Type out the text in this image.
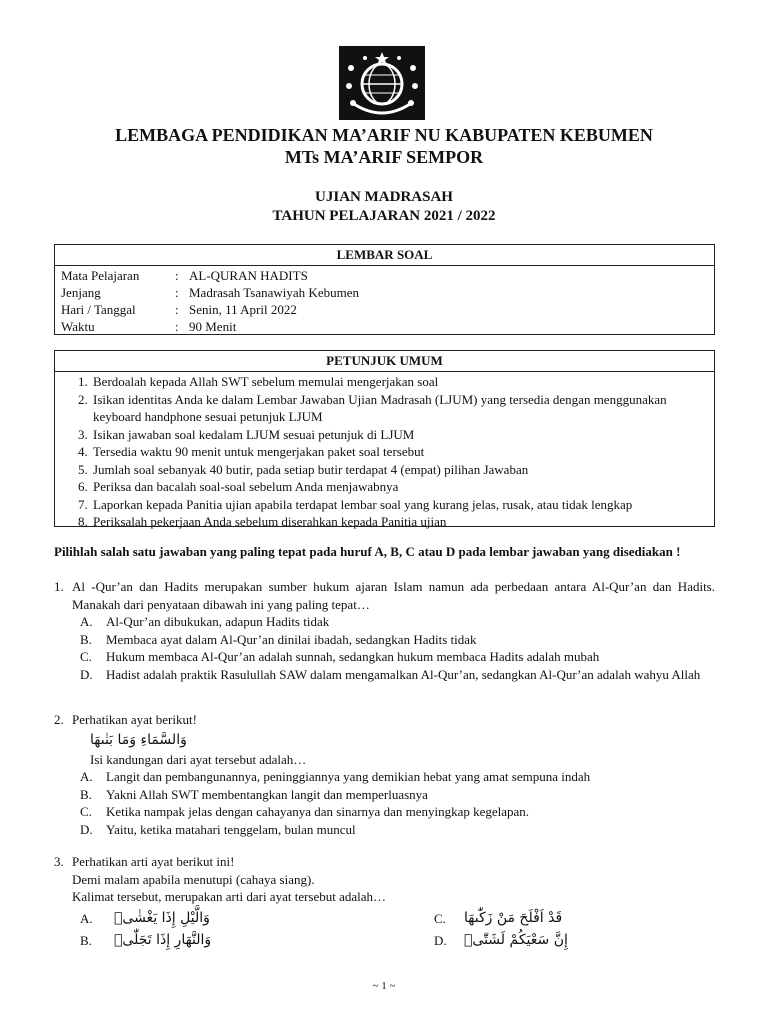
LEMBAGA PENDIDIKAN MA’ARIF NU KABUPATEN KEBUMEN
MTs MA’ARIF SEMPOR
UJIAN MADRASAH
TAHUN PELAJARAN 2021 / 2022
LEMBAR SOAL
Mata Pelajaran	: AL-QURAN HADITS
Jenjang	: Madrasah Tsanawiyah Kebumen
Hari / Tanggal	: Senin, 11 April 2022
Waktu	: 90 Menit
PETUNJUK UMUM
1. Berdoalah kepada Allah SWT sebelum memulai mengerjakan soal
2. Isikan identitas Anda ke dalam Lembar Jawaban Ujian Madrasah (LJUM) yang tersedia dengan menggunakan keyboard handphone sesuai petunjuk LJUM
3. Isikan jawaban soal kedalam LJUM sesuai petunjuk di LJUM
4. Tersedia waktu 90 menit untuk mengerjakan paket soal tersebut
5. Jumlah soal sebanyak 40 butir, pada setiap butir terdapat 4 (empat) pilihan Jawaban
6. Periksa dan bacalah soal-soal sebelum Anda menjawabnya
7. Laporkan kepada Panitia ujian apabila terdapat lembar soal yang kurang jelas, rusak, atau tidak lengkap
8. Periksalah pekerjaan Anda sebelum diserahkan kepada Panitia ujian
Pilihlah salah satu jawaban yang paling tepat pada huruf A, B, C atau D pada lembar jawaban yang disediakan !
1. Al -Qur’an dan Hadits merupakan sumber hukum ajaran Islam namun ada perbedaan antara Al-Qur’an dan Hadits. Manakah dari penyataan dibawah ini yang paling tepat…
A.	Al-Qur’an dibukukan, adapun Hadits tidak
B.	Membaca ayat dalam Al-Qur’an dinilai ibadah, sedangkan Hadits tidak
C.	Hukum membaca Al-Qur’an adalah sunnah, sedangkan hukum membaca Hadits adalah mubah
D.	Hadist adalah praktik Rasulullah SAW dalam mengamalkan Al-Qur’an, sedangkan Al-Qur’an adalah wahyu Allah
2. Perhatikan ayat berikut!
وَالسَّمَاءِ وَمَا بَنٰىهَا
Isi kandungan dari ayat tersebut adalah…
A.	Langit dan pembangunannya, peninggiannya yang demikian hebat yang amat sempuna indah
B.	Yakni Allah SWT membentangkan langit dan memperluasnya
C.	Ketika nampak jelas dengan cahayanya dan sinarnya dan menyingkap kegelapan.
D.	Yaitu, ketika matahari tenggelam, bulan muncul
3. Perhatikan arti ayat berikut ini!
Demi malam apabila menutupi (cahaya siang).
Kalimat tersebut, merupakan arti dari ayat tersebut adalah…
A.	وَالَّيْلِ إِذَا يَغْشٰىۙ
B.	وَالنَّهَارِ إِذَا تَجَلّٰىۙ
C.	قَدْ اَفْلَحَ مَنْ زَكّٰىهَا
D.	إِنَّ سَعْيَكُمْ لَشَتّٰىۗ
~ 1 ~
